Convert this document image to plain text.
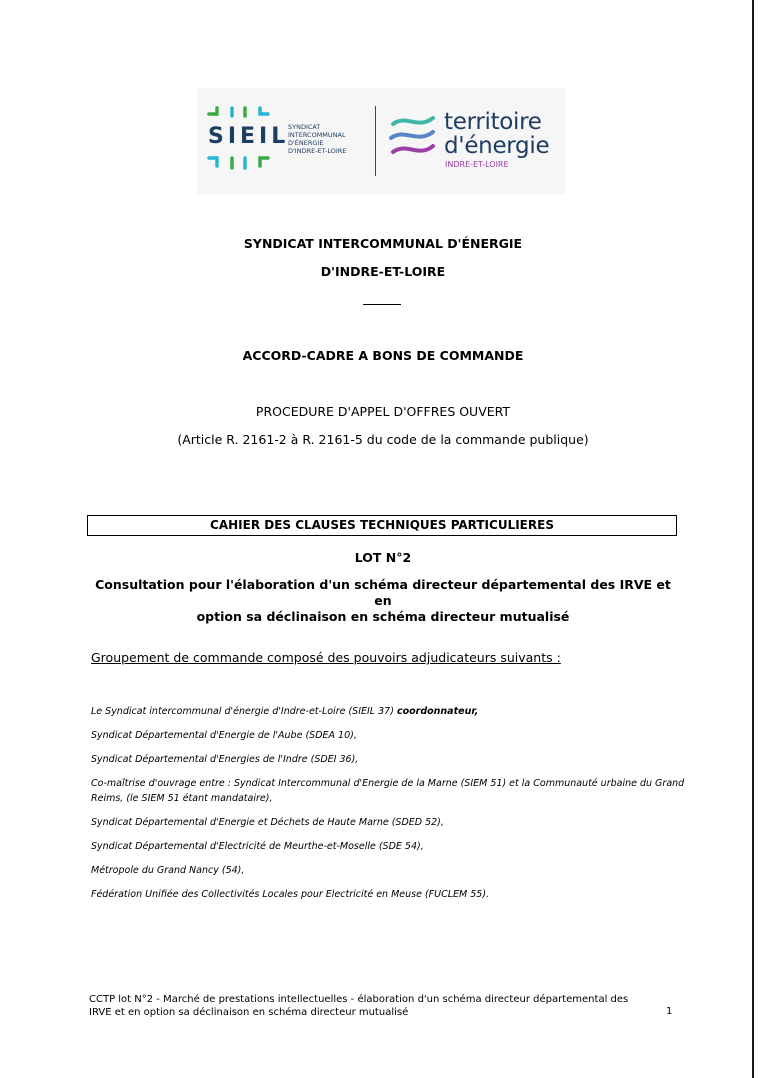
SIEIL
SYNDICAT
INTERCOMMUNAL
D'ÉNERGIE
D'INDRE-ET-LOIRE
territoire
d'énergie
INDRE-ET-LOIRE
SYNDICAT INTERCOMMUNAL D'ÉNERGIE
D'INDRE-ET-LOIRE
ACCORD-CADRE A BONS DE COMMANDE
PROCEDURE D'APPEL D'OFFRES OUVERT
(Article R. 2161-2 à R. 2161-5 du code de la commande publique)
CAHIER DES CLAUSES TECHNIQUES PARTICULIERES
LOT N°2
Consultation pour l'élaboration d'un schéma directeur départemental des IRVE et en
option sa déclinaison en schéma directeur mutualisé
Groupement de commande composé des pouvoirs adjudicateurs suivants :
Le Syndicat intercommunal d'énergie d'Indre-et-Loire (SIEIL 37) coordonnateur,
Syndicat Départemental d'Energie de l'Aube (SDEA 10),
Syndicat Départemental d'Energies de l'Indre (SDEI 36),
Co-maîtrise d'ouvrage entre : Syndicat Intercommunal d'Energie de la Marne (SIEM 51) et la Communauté urbaine du Grand
Reims, (le SIEM 51 étant mandataire),
Syndicat Départemental d'Energie et Déchets de Haute Marne (SDED 52),
Syndicat Départemental d'Electricité de Meurthe-et-Moselle (SDE 54),
Métropole du Grand Nancy (54),
Fédération Unifiée des Collectivités Locales pour Electricité en Meuse (FUCLEM 55).
CCTP lot N°2 - Marché de prestations intellectuelles - élaboration d'un schéma directeur départemental des
IRVE et en option sa déclinaison en schéma directeur mutualisé	1
